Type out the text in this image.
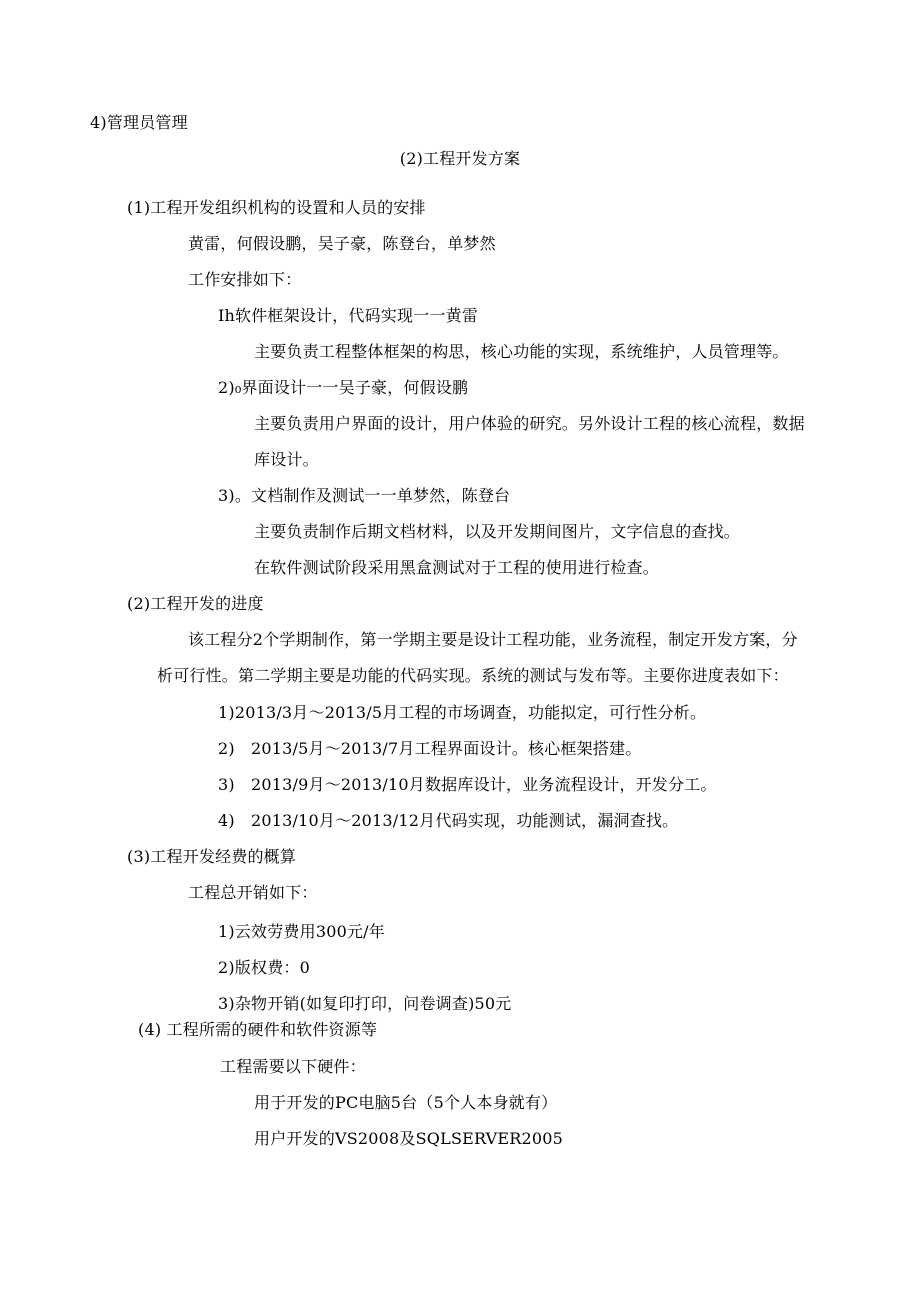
4)管理员管理

(2)工程开发方案

(1)工程开发组织机构的设置和人员的安排

黄雷，何假设鹏，吴子豪，陈登台，单梦然

工作安排如下：

Ih软件框架设计，代码实现一一黄雷

主要负责工程整体框架的构思，核心功能的实现，系统维护，人员管理等。

2)₀界面设计一一吴子豪，何假设鹏

主要负责用户界面的设计，用户体验的研究。另外设计工程的核心流程，数据

库设计。

3)。文档制作及测试一一单梦然，陈登台

主要负责制作后期文档材料，以及开发期间图片，文字信息的查找。

在软件测试阶段采用黑盒测试对于工程的使用进行检查。

(2)工程开发的进度

该工程分2个学期制作，第一学期主要是设计工程功能，业务流程，制定开发方案，分

析可行性。第二学期主要是功能的代码实现。系统的测试与发布等。主要你进度表如下：

1)2013/3月～2013/5月工程的市场调查，功能拟定，可行性分析。

2)　2013/5月～2013/7月工程界面设计。核心框架搭建。

3)　2013/9月～2013/10月数据库设计，业务流程设计，开发分工。

4)　2013/10月～2013/12月代码实现，功能测试，漏洞查找。

(3)工程开发经费的概算

工程总开销如下：

1)云效劳费用300元/年

2)版权费：0

3)杂物开销(如复印打印，问卷调查)50元

(4) 工程所需的硬件和软件资源等

工程需要以下硬件：

用于开发的PC电脑5台（5个人本身就有）

用户开发的VS2008及SQLSERVER2005
